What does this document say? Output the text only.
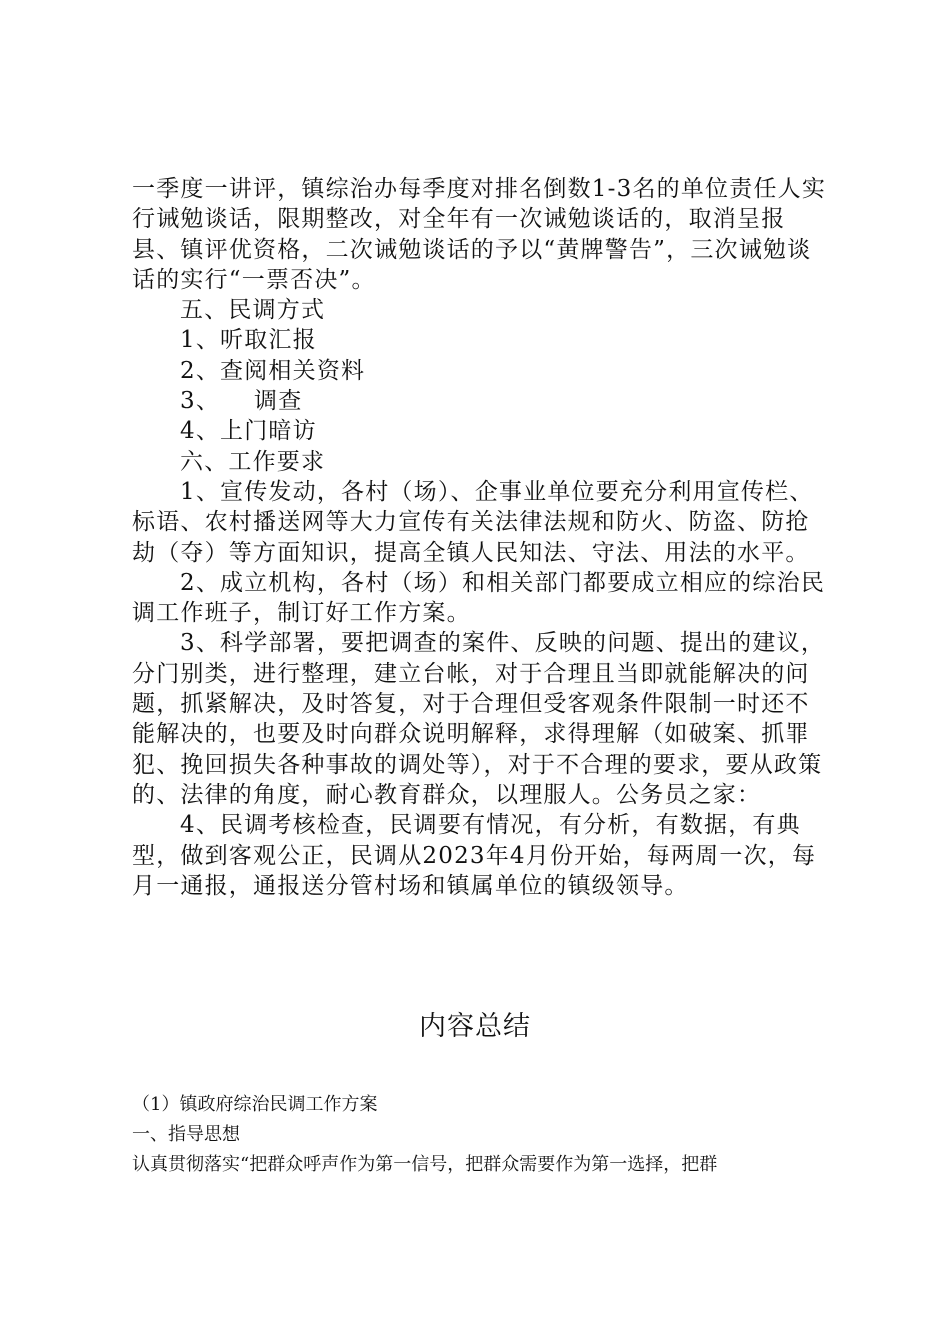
一季度一讲评，镇综治办每季度对排名倒数1-3名的单位责任人实行诫勉谈话，限期整改，对全年有一次诫勉谈话的，取消呈报县、镇评优资格，二次诫勉谈话的予以“黄牌警告”，三次诫勉谈话的实行“一票否决”。

五、民调方式

1、听取汇报

2、查阅相关资料

3、 调查

4、上门暗访

六、工作要求

1、宣传发动，各村（场）、企事业单位要充分利用宣传栏、标语、农村播送网等大力宣传有关法律法规和防火、防盗、防抢劫（夺）等方面知识，提高全镇人民知法、守法、用法的水平。

2、成立机构，各村（场）和相关部门都要成立相应的综治民调工作班子，制订好工作方案。

3、科学部署，要把调查的案件、反映的问题、提出的建议，分门别类，进行整理，建立台帐，对于合理且当即就能解决的问题，抓紧解决，及时答复，对于合理但受客观条件限制一时还不能解决的，也要及时向群众说明解释，求得理解（如破案、抓罪犯、挽回损失各种事故的调处等），对于不合理的要求，要从政策的、法律的角度，耐心教育群众，以理服人。公务员之家：

4、民调考核检查，民调要有情况，有分析，有数据，有典型，做到客观公正，民调从2023年4月份开始，每两周一次，每月一通报，通报送分管村场和镇属单位的镇级领导。

内容总结

（1）镇政府综治民调工作方案

一、指导思想

认真贯彻落实“把群众呼声作为第一信号，把群众需要作为第一选择，把群
